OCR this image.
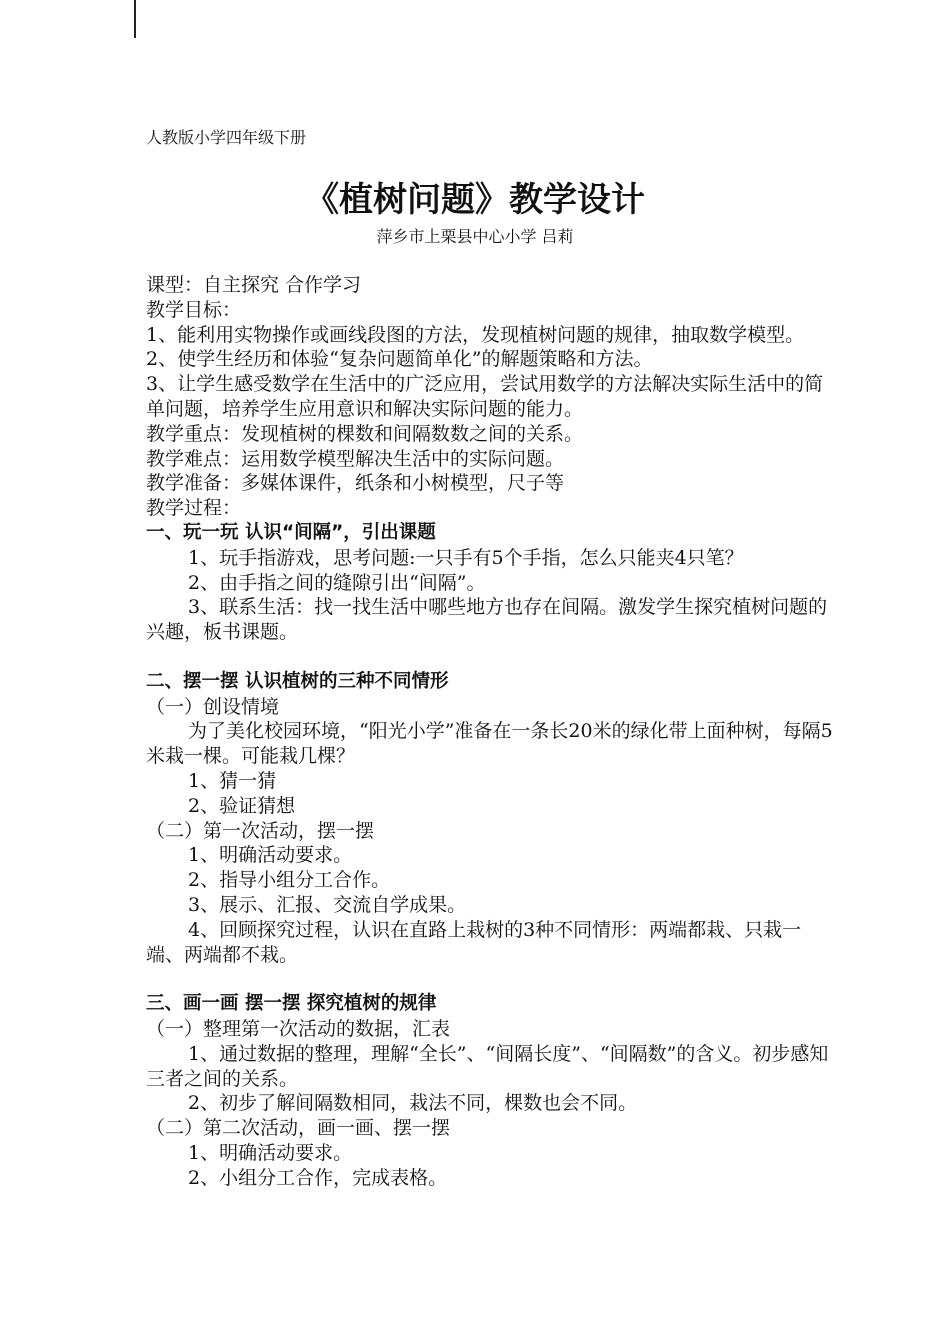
人教版小学四年级下册
《植树问题》教学设计
萍乡市上栗县中心小学 吕莉

课型：自主探究 合作学习

教学目标：

1、能利用实物操作或画线段图的方法，发现植树问题的规律，抽取数学模型。

2、使学生经历和体验“复杂问题简单化”的解题策略和方法。

3、让学生感受数学在生活中的广泛应用，尝试用数学的方法解决实际生活中的简单问题，培养学生应用意识和解决实际问题的能力。

教学重点：发现植树的棵数和间隔数数之间的关系。

教学难点：运用数学模型解决生活中的实际问题。

教学准备：多媒体课件，纸条和小树模型，尺子等

教学过程：

一、玩一玩 认识“间隔”，引出课题

1、玩手指游戏，思考问题:一只手有5个手指，怎么只能夹4只笔？

2、由手指之间的缝隙引出“间隔”。

3、联系生活：找一找生活中哪些地方也存在间隔。激发学生探究植树问题的兴趣，板书课题。

二、摆一摆 认识植树的三种不同情形

（一）创设情境

为了美化校园环境，“阳光小学”准备在一条长20米的绿化带上面种树，每隔5米栽一棵。可能栽几棵？

1、猜一猜

2、验证猜想

（二）第一次活动，摆一摆

1、明确活动要求。

2、指导小组分工合作。

3、展示、汇报、交流自学成果。

4、回顾探究过程，认识在直路上栽树的3种不同情形：两端都栽、只栽一端、两端都不栽。

三、画一画 摆一摆 探究植树的规律

（一）整理第一次活动的数据，汇表

1、通过数据的整理，理解“全长”、“间隔长度”、“间隔数”的含义。初步感知三者之间的关系。

2、初步了解间隔数相同，栽法不同，棵数也会不同。

（二）第二次活动，画一画、摆一摆

1、明确活动要求。

2、小组分工合作，完成表格。
